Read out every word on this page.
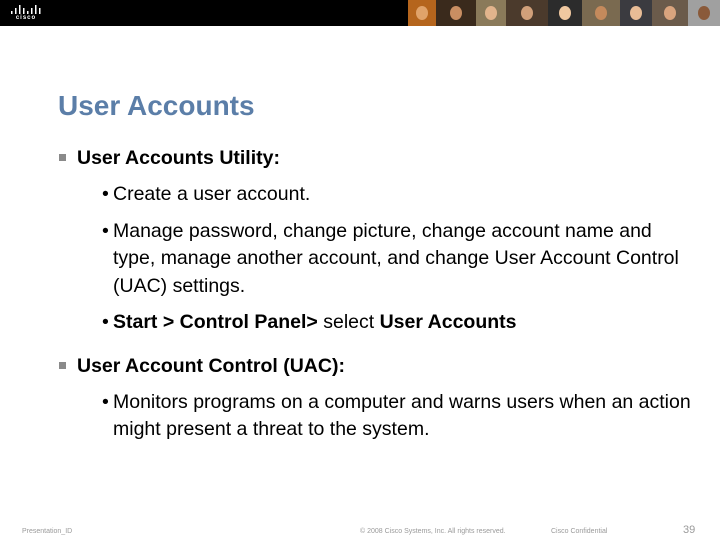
cisco
User Accounts
User Accounts Utility:
• Create a user account.
• Manage password, change picture, change account name and type, manage another account, and change User Account Control (UAC) settings.
• Start > Control Panel> select User Accounts
User Account Control (UAC):
• Monitors programs on a computer and warns users when an action might present a threat to the system.
Presentation_ID	© 2008 Cisco Systems, Inc. All rights reserved.	Cisco Confidential	39
